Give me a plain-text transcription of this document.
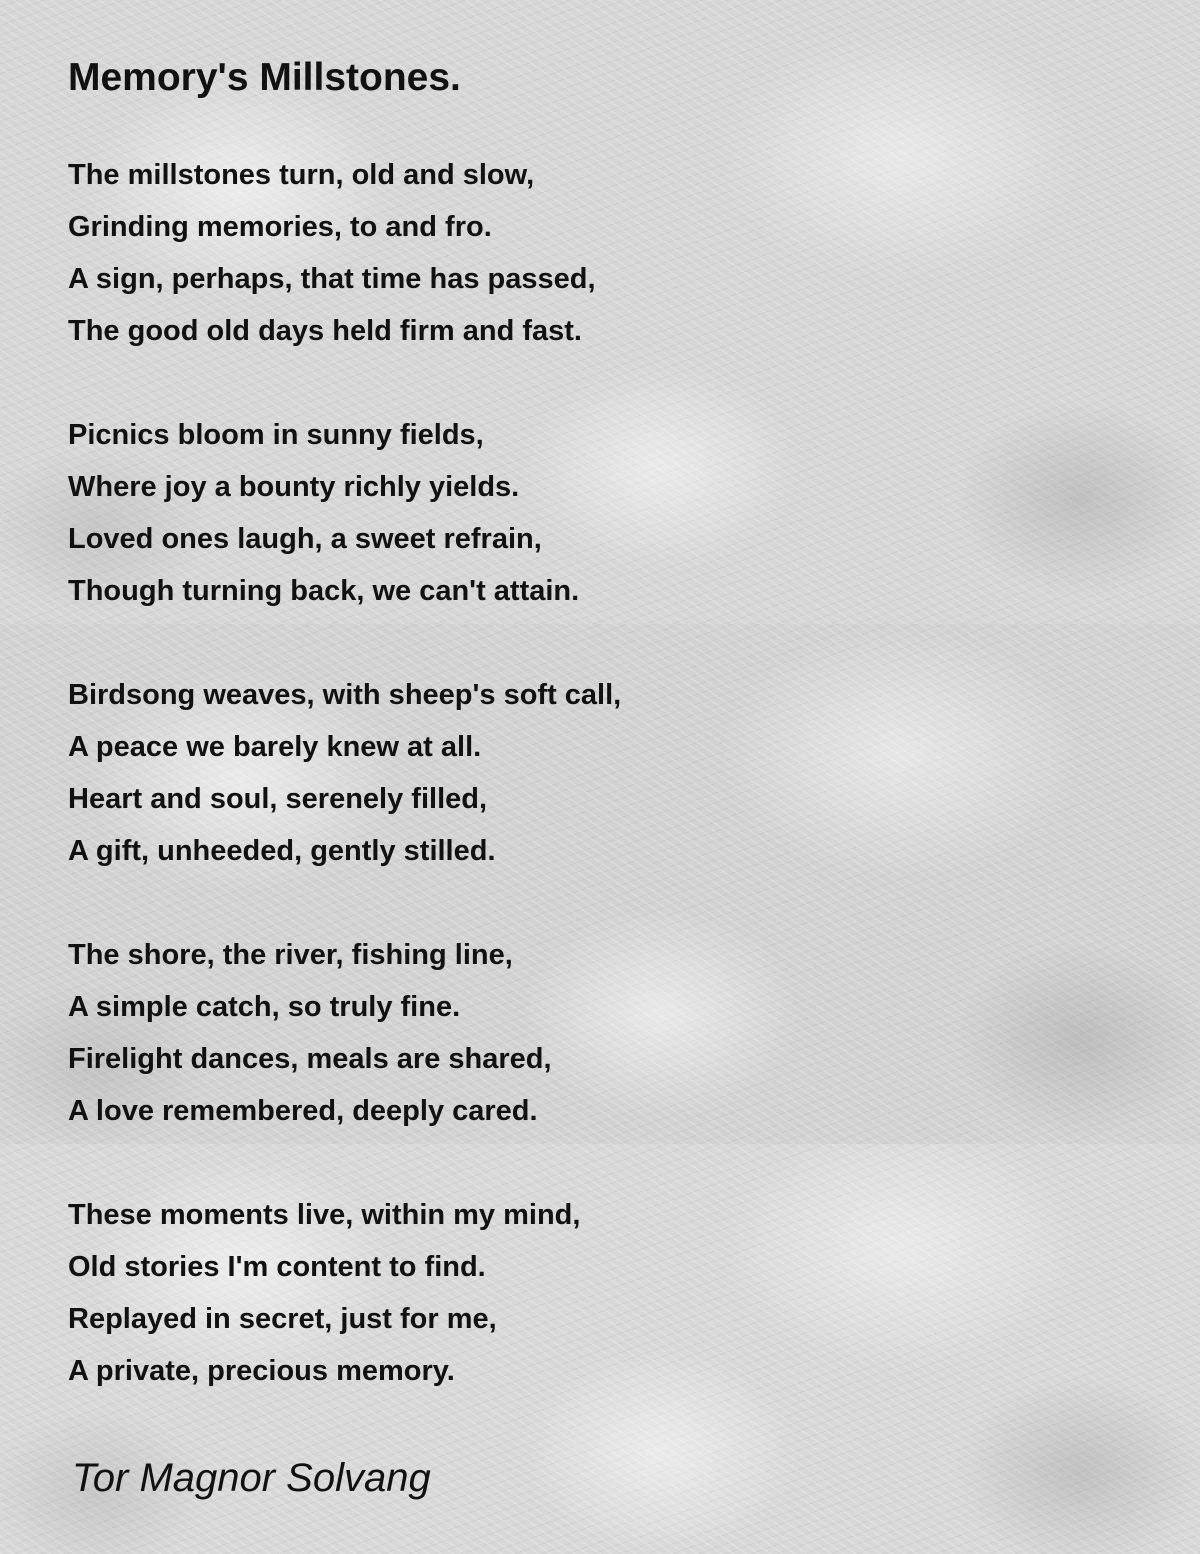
Memory's Millstones.
The millstones turn, old and slow,
Grinding memories, to and fro.
A sign, perhaps, that time has passed,
The good old days held firm and fast.
Picnics bloom in sunny fields,
Where joy a bounty richly yields.
Loved ones laugh, a sweet refrain,
Though turning back, we can't attain.
Birdsong weaves, with sheep's soft call,
A peace we barely knew at all.
Heart and soul, serenely filled,
A gift, unheeded, gently stilled.
The shore, the river, fishing line,
A simple catch, so truly fine.
Firelight dances, meals are shared,
A love remembered, deeply cared.
These moments live, within my mind,
Old stories I'm content to find.
Replayed in secret, just for me,
A private, precious memory.
Tor Magnor Solvang
